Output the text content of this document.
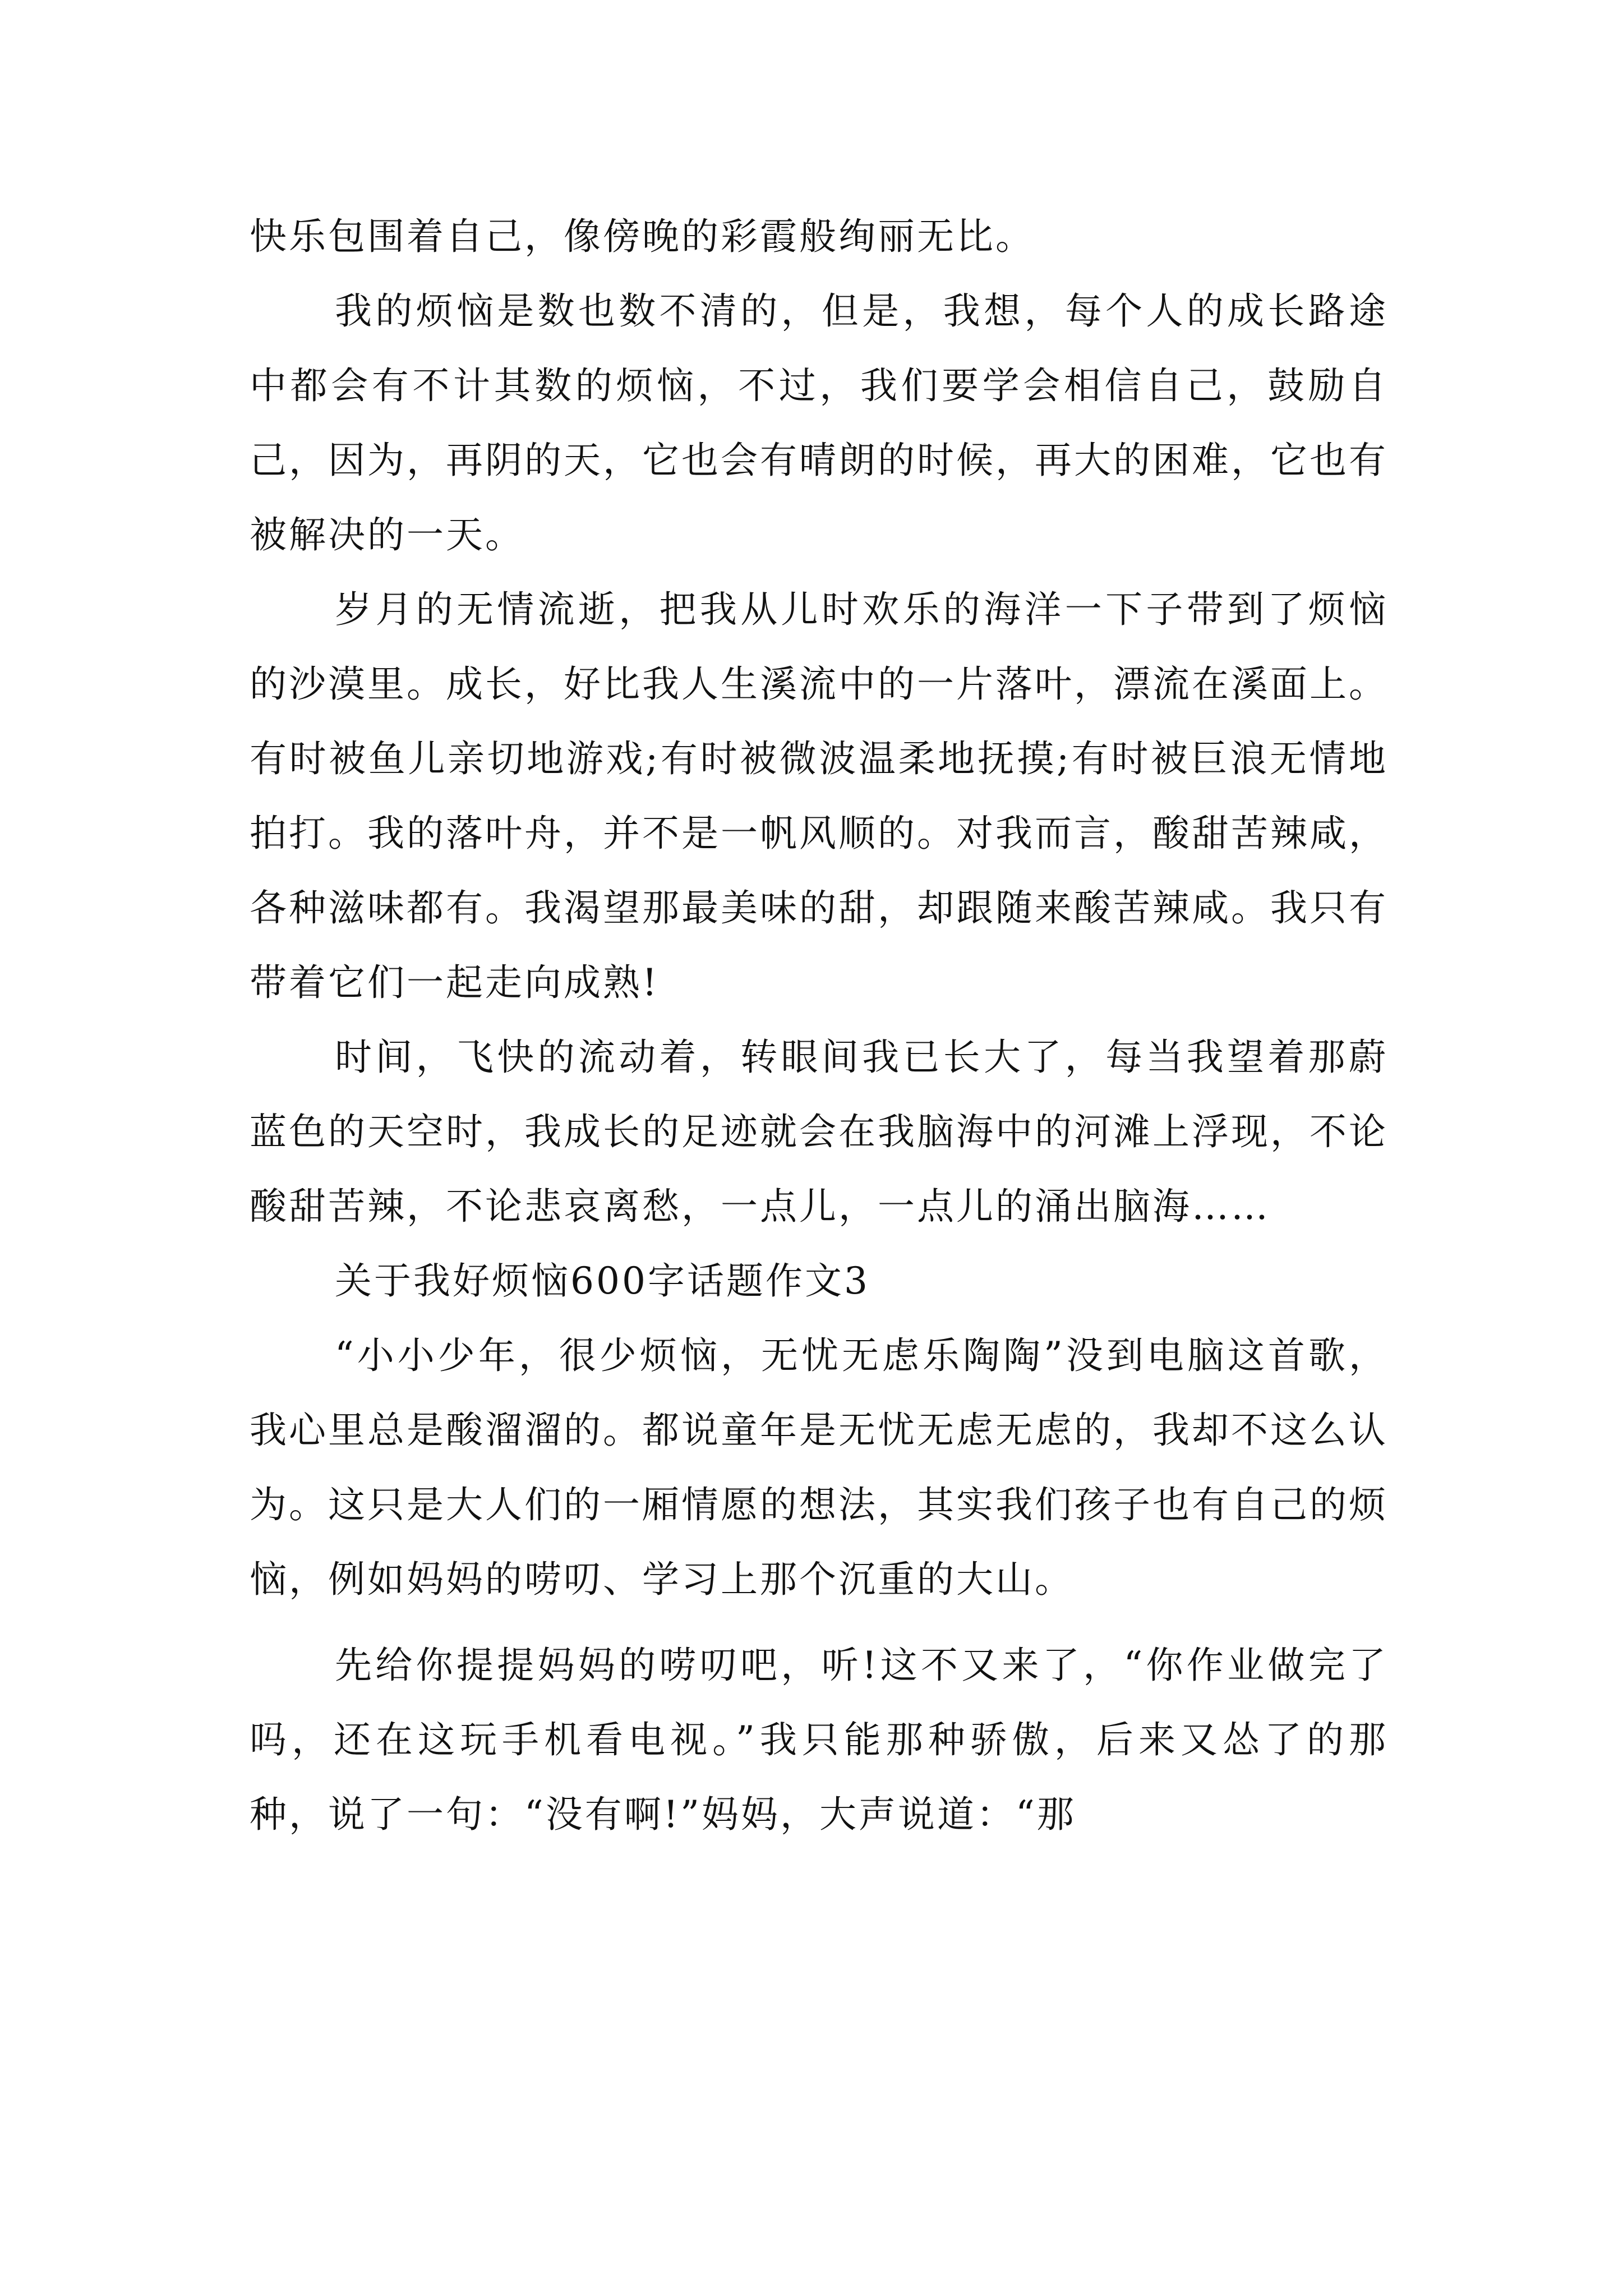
快乐包围着自己，像傍晚的彩霞般绚丽无比。

我的烦恼是数也数不清的，但是，我想，每个人的成长路途中都会有不计其数的烦恼，不过，我们要学会相信自己，鼓励自己，因为，再阴的天，它也会有晴朗的时候，再大的困难，它也有被解决的一天。

岁月的无情流逝，把我从儿时欢乐的海洋一下子带到了烦恼的沙漠里。成长，好比我人生溪流中的一片落叶，漂流在溪面上。有时被鱼儿亲切地游戏;有时被微波温柔地抚摸;有时被巨浪无情地拍打。我的落叶舟，并不是一帆风顺的。对我而言，酸甜苦辣咸，各种滋味都有。我渴望那最美味的甜，却跟随来酸苦辣咸。我只有带着它们一起走向成熟!

时间，飞快的流动着，转眼间我已长大了，每当我望着那蔚蓝色的天空时，我成长的足迹就会在我脑海中的河滩上浮现，不论酸甜苦辣，不论悲哀离愁，一点儿，一点儿的涌出脑海……

关于我好烦恼600字话题作文3

“小小少年，很少烦恼，无忧无虑乐陶陶”没到电脑这首歌，我心里总是酸溜溜的。都说童年是无忧无虑无虑的，我却不这么认为。这只是大人们的一厢情愿的想法，其实我们孩子也有自己的烦恼，例如妈妈的唠叨、学习上那个沉重的大山。

先给你提提妈妈的唠叨吧，听!这不又来了，“你作业做完了吗，还在这玩手机看电视。”我只能那种骄傲，后来又怂了的那种，说了一句：“没有啊!”妈妈，大声说道：“那
